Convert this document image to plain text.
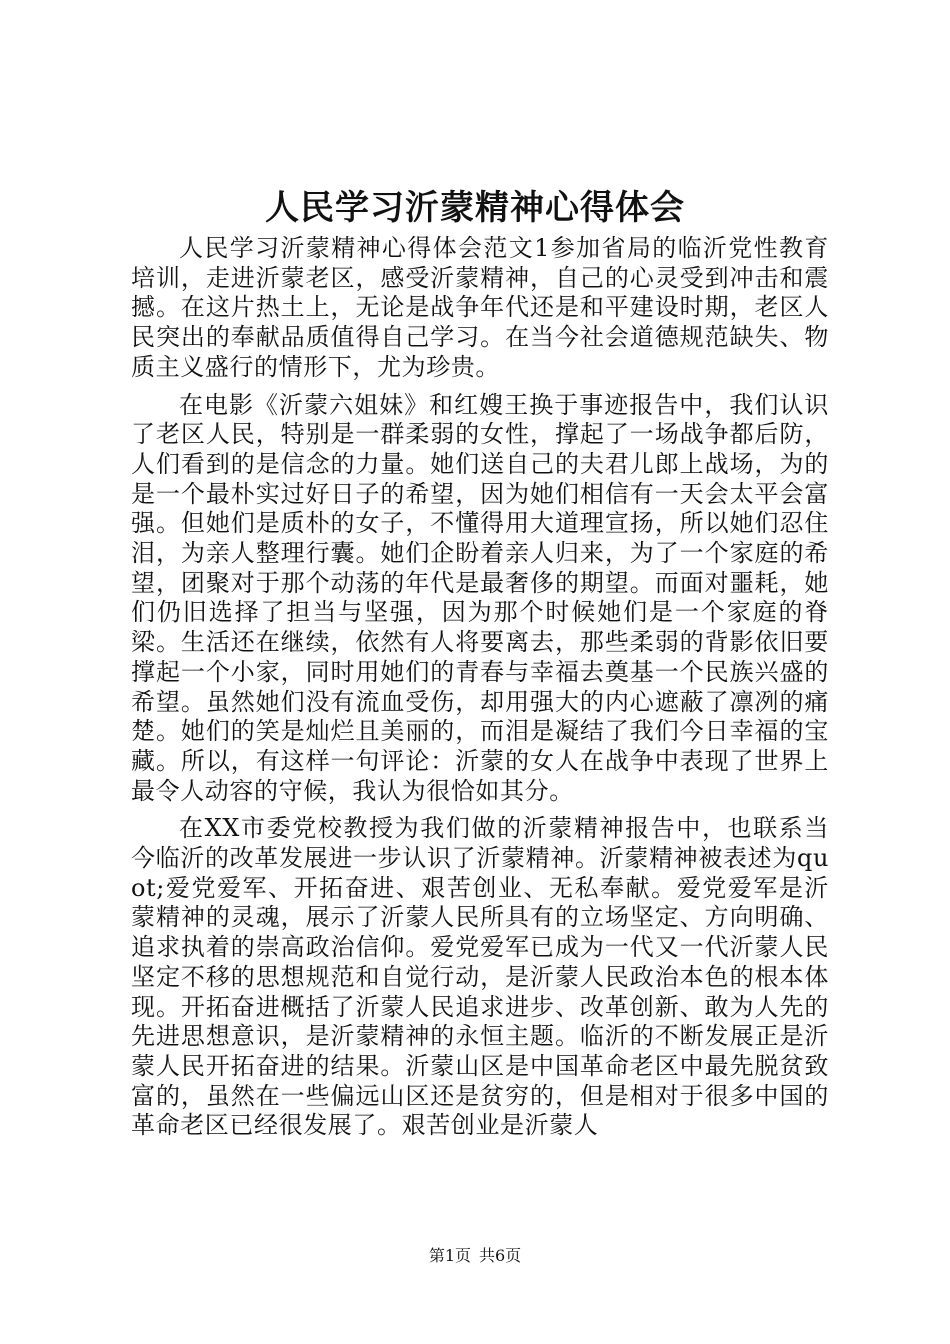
人民学习沂蒙精神心得体会

人民学习沂蒙精神心得体会范文1参加省局的临沂党性教育培训，走进沂蒙老区，感受沂蒙精神，自己的心灵受到冲击和震撼。在这片热土上，无论是战争年代还是和平建设时期，老区人民突出的奉献品质值得自己学习。在当今社会道德规范缺失、物质主义盛行的情形下，尤为珍贵。

在电影《沂蒙六姐妹》和红嫂王换于事迹报告中，我们认识了老区人民，特别是一群柔弱的女性，撑起了一场战争都后防，人们看到的是信念的力量。她们送自己的夫君儿郎上战场，为的是一个最朴实过好日子的希望，因为她们相信有一天会太平会富强。但她们是质朴的女子，不懂得用大道理宣扬，所以她们忍住泪，为亲人整理行囊。她们企盼着亲人归来，为了一个家庭的希望，团聚对于那个动荡的年代是最奢侈的期望。而面对噩耗，她们仍旧选择了担当与坚强，因为那个时候她们是一个家庭的脊梁。生活还在继续，依然有人将要离去，那些柔弱的背影依旧要撑起一个小家，同时用她们的青春与幸福去奠基一个民族兴盛的希望。虽然她们没有流血受伤，却用强大的内心遮蔽了凛冽的痛楚。她们的笑是灿烂且美丽的，而泪是凝结了我们今日幸福的宝藏。所以，有这样一句评论：沂蒙的女人在战争中表现了世界上最令人动容的守候，我认为很恰如其分。

在XX市委党校教授为我们做的沂蒙精神报告中，也联系当今临沂的改革发展进一步认识了沂蒙精神。沂蒙精神被表述为quot;爱党爱军、开拓奋进、艰苦创业、无私奉献。爱党爱军是沂蒙精神的灵魂，展示了沂蒙人民所具有的立场坚定、方向明确、追求执着的崇高政治信仰。爱党爱军已成为一代又一代沂蒙人民坚定不移的思想规范和自觉行动，是沂蒙人民政治本色的根本体现。开拓奋进概括了沂蒙人民追求进步、改革创新、敢为人先的先进思想意识，是沂蒙精神的永恒主题。临沂的不断发展正是沂蒙人民开拓奋进的结果。沂蒙山区是中国革命老区中最先脱贫致富的，虽然在一些偏远山区还是贫穷的，但是相对于很多中国的革命老区已经很发展了。艰苦创业是沂蒙人

第1页 共6页
